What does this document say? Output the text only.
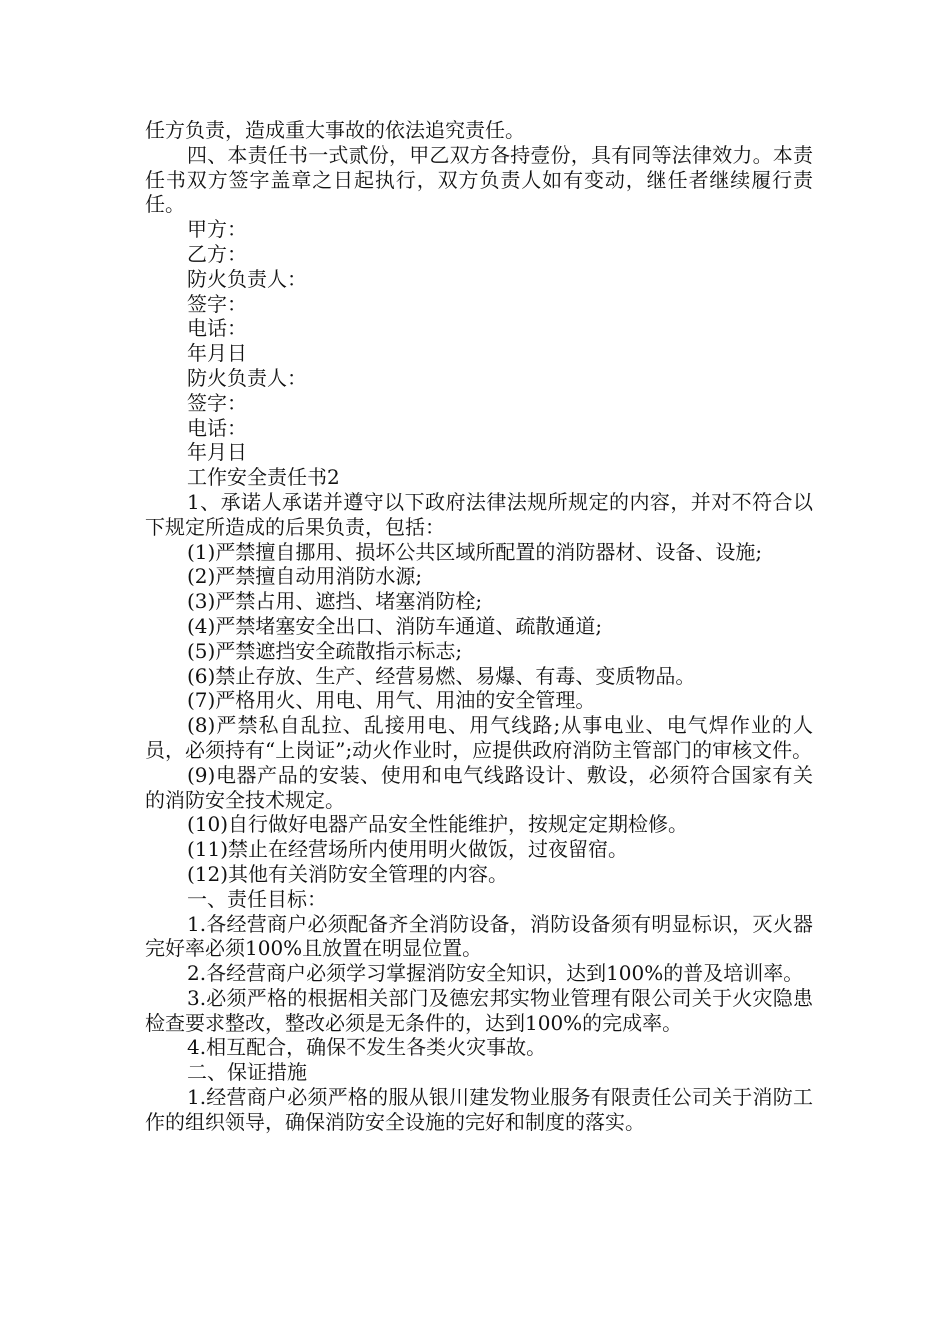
任方负责，造成重大事故的依法追究责任。

四、本责任书一式贰份，甲乙双方各持壹份，具有同等法律效力。本责任书双方签字盖章之日起执行，双方负责人如有变动，继任者继续履行责任。

甲方：

乙方：

防火负责人：

签字：

电话：

年月日

防火负责人：

签字：

电话：

年月日

工作安全责任书2

1、承诺人承诺并遵守以下政府法律法规所规定的内容，并对不符合以下规定所造成的后果负责，包括：

(1)严禁擅自挪用、损坏公共区域所配置的消防器材、设备、设施;

(2)严禁擅自动用消防水源;

(3)严禁占用、遮挡、堵塞消防栓;

(4)严禁堵塞安全出口、消防车通道、疏散通道;

(5)严禁遮挡安全疏散指示标志;

(6)禁止存放、生产、经营易燃、易爆、有毒、变质物品。

(7)严格用火、用电、用气、用油的安全管理。

(8)严禁私自乱拉、乱接用电、用气线路;从事电业、电气焊作业的人员，必须持有“上岗证”;动火作业时，应提供政府消防主管部门的审核文件。

(9)电器产品的安装、使用和电气线路设计、敷设，必须符合国家有关的消防安全技术规定。

(10)自行做好电器产品安全性能维护，按规定定期检修。

(11)禁止在经营场所内使用明火做饭，过夜留宿。

(12)其他有关消防安全管理的内容。

一、责任目标：

1.各经营商户必须配备齐全消防设备，消防设备须有明显标识，灭火器完好率必须100%且放置在明显位置。

2.各经营商户必须学习掌握消防安全知识，达到100%的普及培训率。

3.必须严格的根据相关部门及德宏邦实物业管理有限公司关于火灾隐患检查要求整改，整改必须是无条件的，达到100%的完成率。

4.相互配合，确保不发生各类火灾事故。

二、保证措施

1.经营商户必须严格的服从银川建发物业服务有限责任公司关于消防工作的组织领导，确保消防安全设施的完好和制度的落实。
